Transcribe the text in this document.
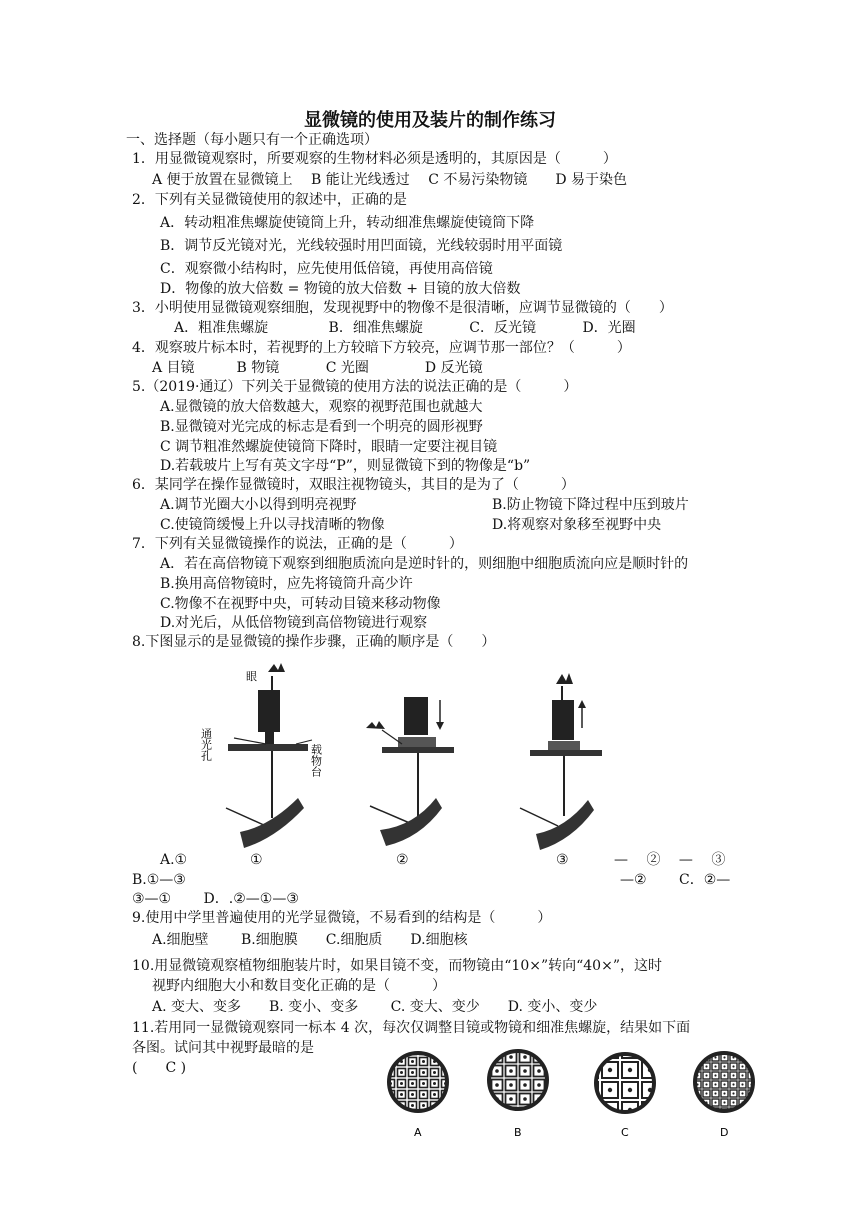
显微镜的使用及装片的制作练习
一、选择题（每小题只有一个正确选项）
1．用显微镜观察时，所要观察的生物材料必须是透明的，其原因是（　　　）
A 便于放置在显微镜上　 B 能让光线透过　 C 不易污染物镜　　D 易于染色
2．下列有关显微镜使用的叙述中，正确的是
A．转动粗准焦螺旋使镜筒上升，转动细准焦螺旋使镜筒下降
B．调节反光镜对光，光线较强时用凹面镜，光线较弱时用平面镜
C．观察微小结构时，应先使用低倍镜，再使用高倍镜
D．物像的放大倍数 = 物镜的放大倍数 + 目镜的放大倍数
3．小明使用显微镜观察细胞，发现视野中的物像不是很清晰，应调节显微镜的（　　）
　A．粗准焦螺旋　　　　 B．细准焦螺旋　　　 C．反光镜　　　 D．光圈
4．观察玻片标本时，若视野的上方较暗下方较亮，应调节那一部位？（　　　）
A 目镜　　　B 物镜　　　 C 光圈　　　　D 反光镜
5.（2019·通辽）下列关于显微镜的使用方法的说法正确的是（　　　）
A.显微镜的放大倍数越大，观察的视野范围也就越大
B.显微镜对光完成的标志是看到一个明亮的圆形视野
C 调节粗准然螺旋使镜筒下降时，眼睛一定要注视目镜
D.若载玻片上写有英文字母“P”，则显微镜下到的物像是“b”
6．某同学在操作显微镜时，双眼注视物镜头，其目的是为了（　　　）
A.调节光圈大小以得到明亮视野	B.防止物镜下降过程中压到玻片
C.使镜筒缓慢上升以寻找清晰的物像	D.将观察对象移至视野中央
7．下列有关显微镜操作的说法，正确的是（　　　）
A．若在高倍物镜下观察到细胞质流向是逆时针的，则细胞中细胞质流向应是顺时针的
B.换用高倍物镜时，应先将镜筒升高少许
C.物像不在视野中央，可转动目镜来移动物像
D.对光后，从低倍物镜到高倍物镜进行观察
8.下图显示的是显微镜的操作步骤，正确的顺序是（　　）
眼
通光孔	载物台
A.①	①	②	③	—　 ②　 —　 ③
B.①—③	—②　　 C．②—
③—①　　 D．.②—①—③
9.使用中学里普遍使用的光学显微镜，不易看到的结构是（　　　）
A.细胞壁　　 B.细胞膜　　C.细胞质　　D.细胞核
10.用显微镜观察植物细胞装片时，如果目镜不变，而物镜由“10×”转向“40×”，这时
视野内细胞大小和数目变化正确的是（　　　）
A. 变大、变多　　B. 变小、变多　　 C. 变大、变少　　D. 变小、变少
11.若用同一显微镜观察同一标本 4 次，每次仅调整目镜或物镜和细准焦螺旋，结果如下面
各图。试问其中视野最暗的是
(　　C )
A	B	C	D
